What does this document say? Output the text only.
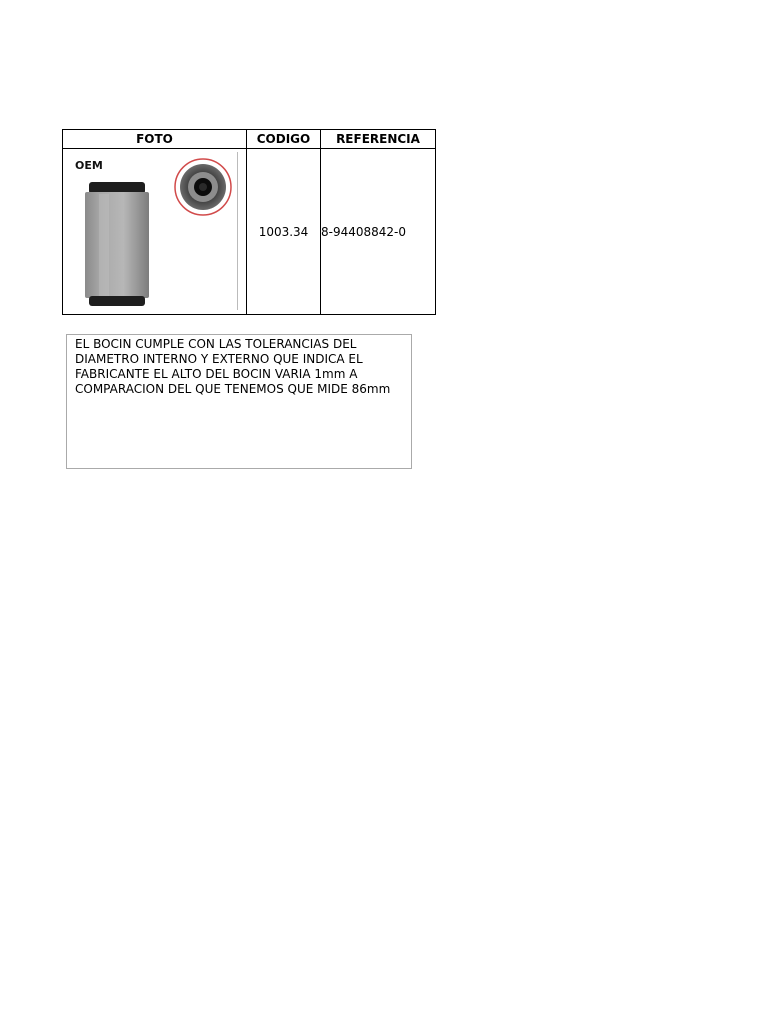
FOTO	CODIGO	REFERENCIA

OEM	1003.34	8-94408842-0
EL BOCIN CUMPLE CON LAS TOLERANCIAS DEL DIAMETRO INTERNO Y EXTERNO QUE INDICA EL FABRICANTE EL ALTO DEL BOCIN VARIA 1mm A COMPARACION DEL QUE TENEMOS QUE MIDE 86mm
